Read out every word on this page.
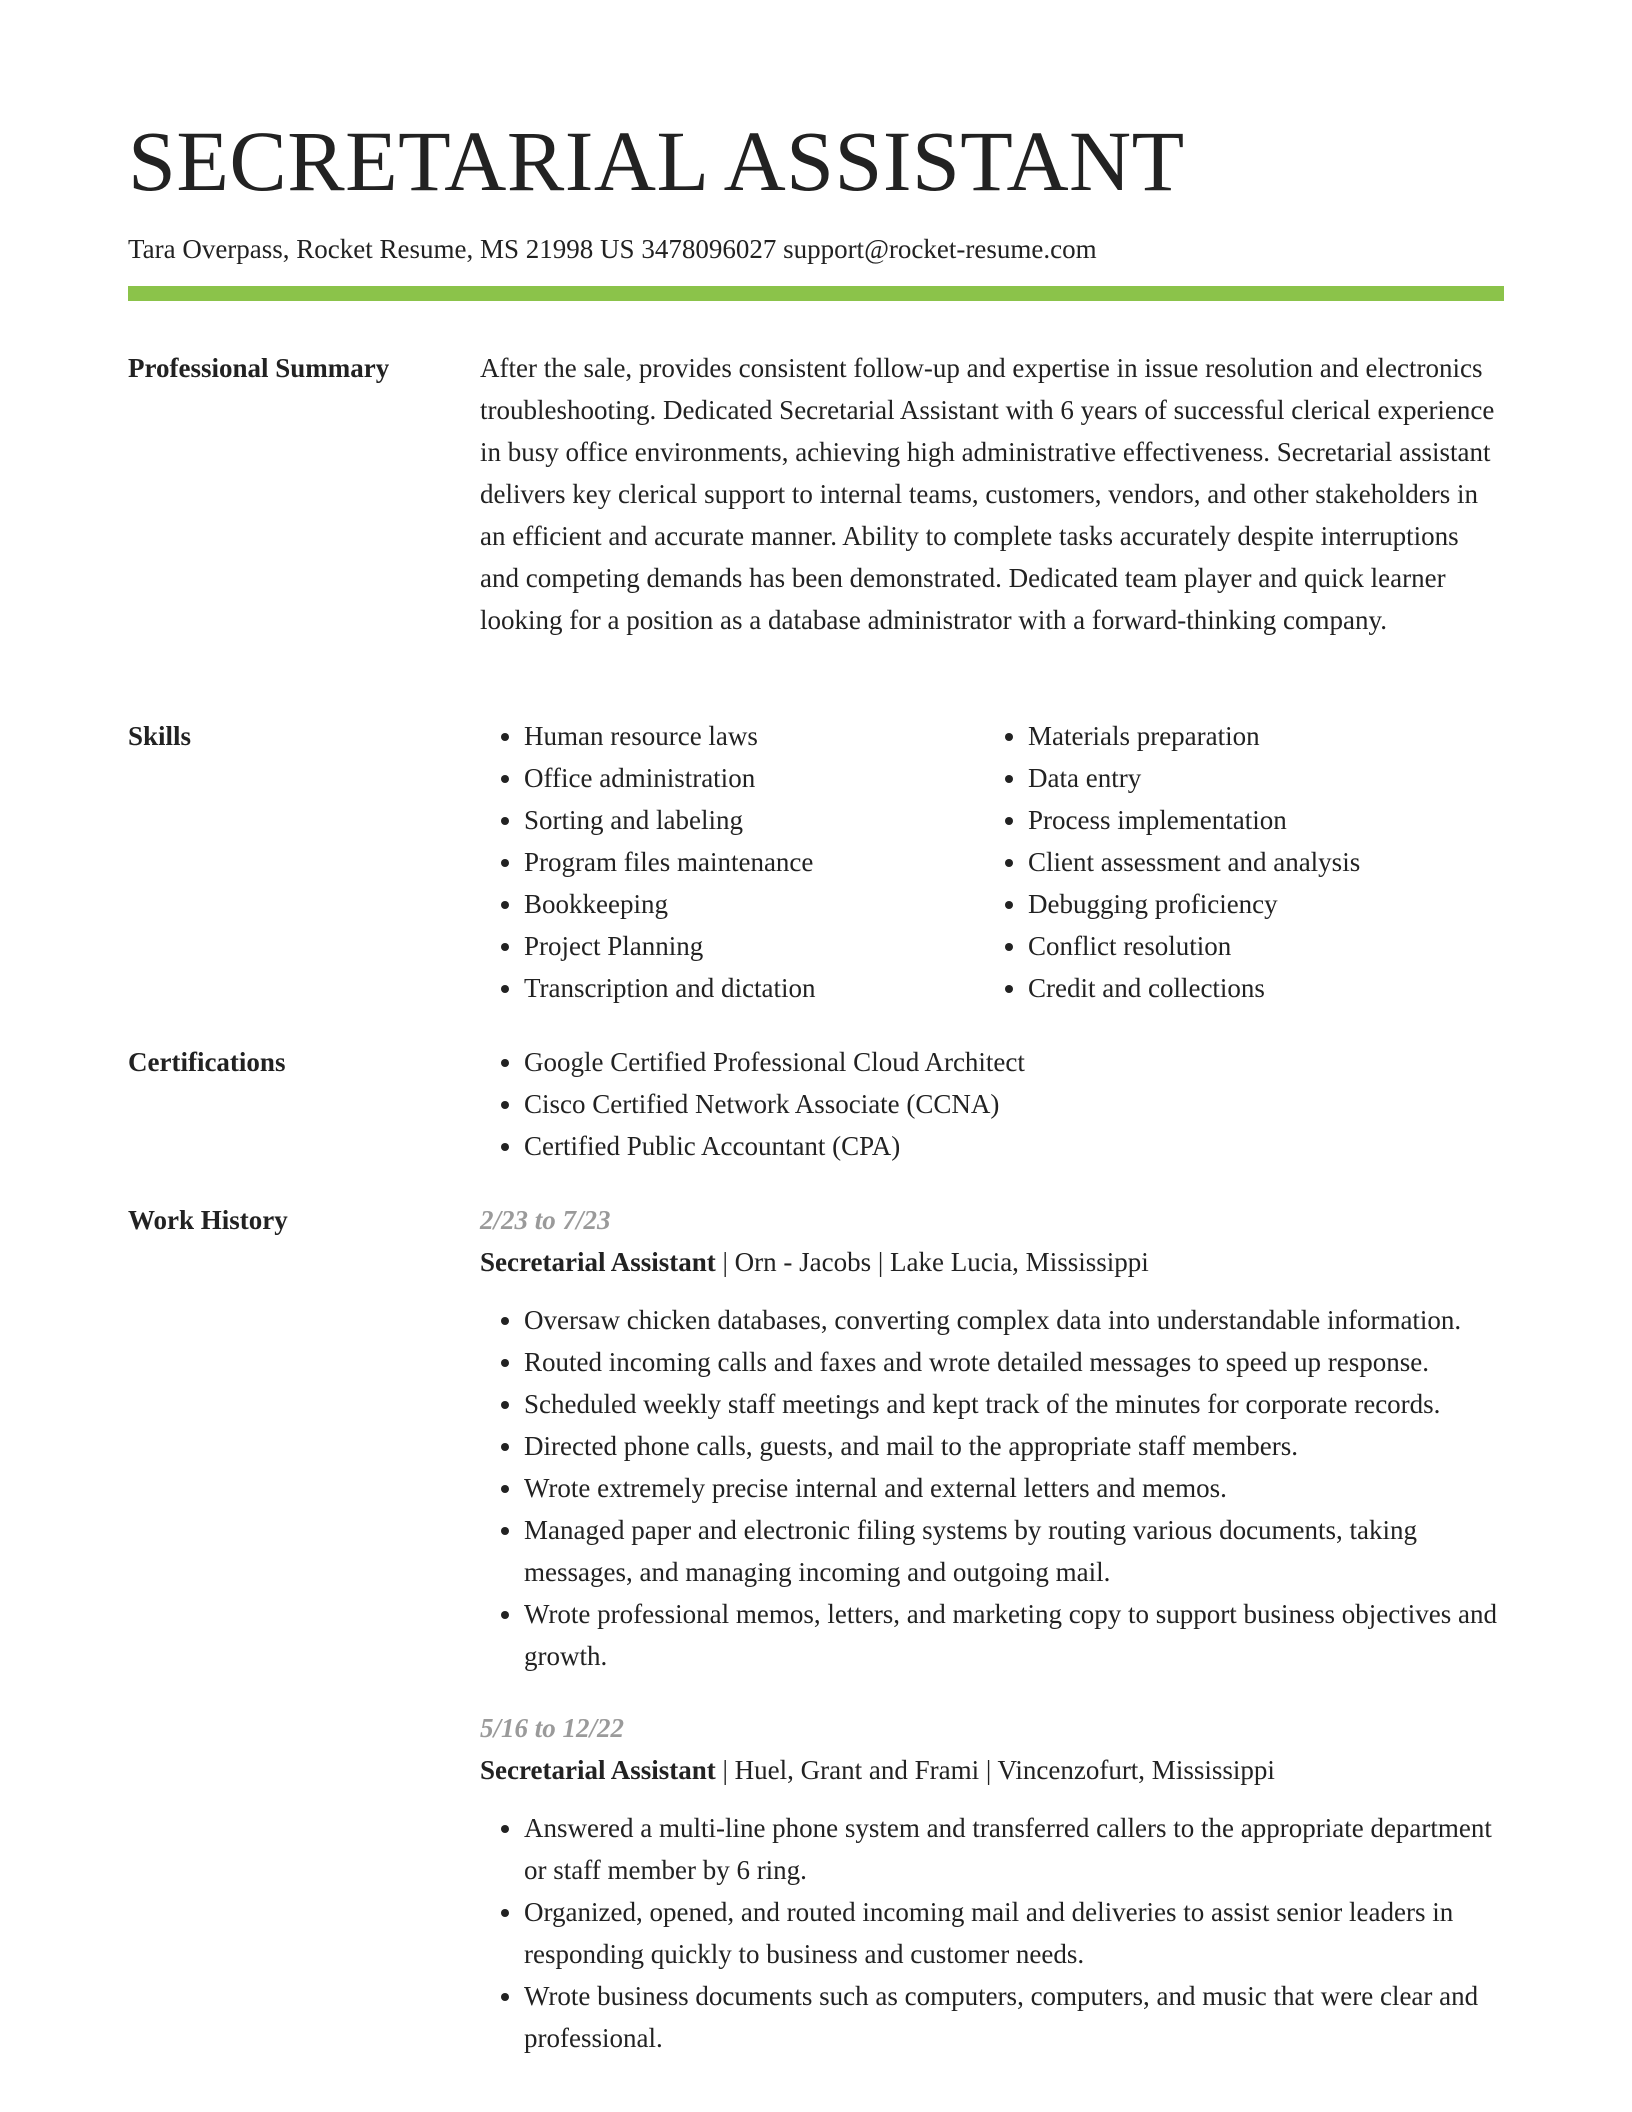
SECRETARIAL ASSISTANT
Tara Overpass, Rocket Resume, MS 21998 US 3478096027 support@rocket-resume.com
Professional Summary	After the sale, provides consistent follow-up and expertise in issue resolution and electronics troubleshooting. Dedicated Secretarial Assistant with 6 years of successful clerical experience in busy office environments, achieving high administrative effectiveness. Secretarial assistant delivers key clerical support to internal teams, customers, vendors, and other stakeholders in an efficient and accurate manner. Ability to complete tasks accurately despite interruptions and competing demands has been demonstrated. Dedicated team player and quick learner looking for a position as a database administrator with a forward-thinking company.

Skills	• Human resource laws
• Office administration
• Sorting and labeling
• Program files maintenance
• Bookkeeping
• Project Planning
• Transcription and dictation
• Materials preparation
• Data entry
• Process implementation
• Client assessment and analysis
• Debugging proficiency
• Conflict resolution
• Credit and collections
Certifications	• Google Certified Professional Cloud Architect
• Cisco Certified Network Associate (CCNA)
• Certified Public Accountant (CPA)
Work History	2/23 to 7/23
Secretarial Assistant | Orn - Jacobs | Lake Lucia, Mississippi
• Oversaw chicken databases, converting complex data into understandable information.
• Routed incoming calls and faxes and wrote detailed messages to speed up response.
• Scheduled weekly staff meetings and kept track of the minutes for corporate records.
• Directed phone calls, guests, and mail to the appropriate staff members.
• Wrote extremely precise internal and external letters and memos.
• Managed paper and electronic filing systems by routing various documents, taking messages, and managing incoming and outgoing mail.
• Wrote professional memos, letters, and marketing copy to support business objectives and growth.
5/16 to 12/22
Secretarial Assistant | Huel, Grant and Frami | Vincenzofurt, Mississippi
• Answered a multi-line phone system and transferred callers to the appropriate department or staff member by 6 ring.
• Organized, opened, and routed incoming mail and deliveries to assist senior leaders in responding quickly to business and customer needs.
• Wrote business documents such as computers, computers, and music that were clear and professional.
